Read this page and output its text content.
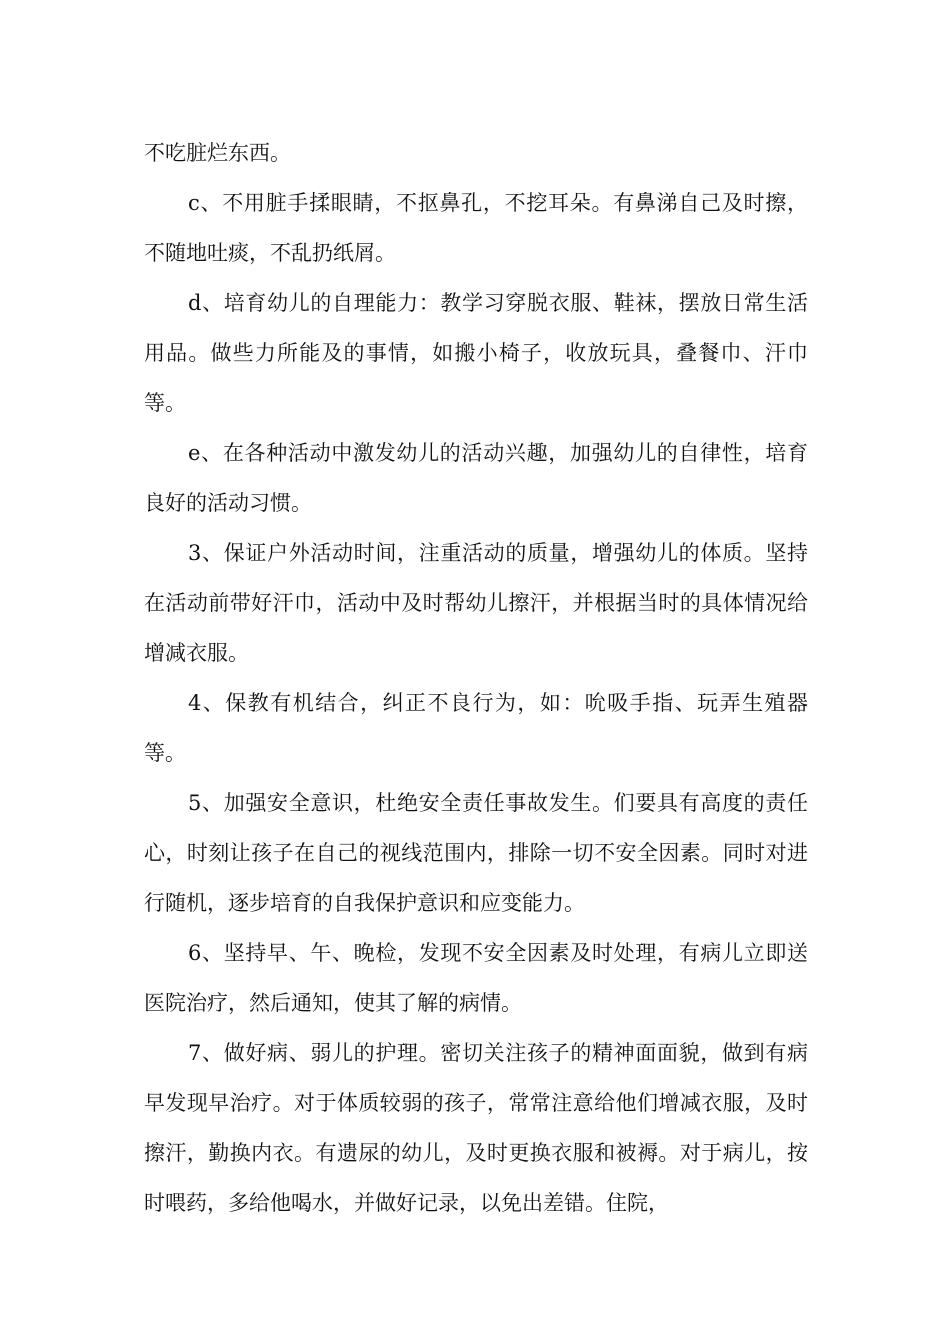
不吃脏烂东西。

c、不用脏手揉眼睛，不抠鼻孔，不挖耳朵。有鼻涕自己及时擦，不随地吐痰，不乱扔纸屑。

d、培育幼儿的自理能力：教学习穿脱衣服、鞋袜，摆放日常生活用品。做些力所能及的事情，如搬小椅子，收放玩具，叠餐巾、汗巾等。

e、在各种活动中激发幼儿的活动兴趣，加强幼儿的自律性，培育良好的活动习惯。

3、保证户外活动时间，注重活动的质量，增强幼儿的体质。坚持在活动前带好汗巾，活动中及时帮幼儿擦汗，并根据当时的具体情况给增减衣服。

4、保教有机结合，纠正不良行为，如：吮吸手指、玩弄生殖器等。

5、加强安全意识，杜绝安全责任事故发生。们要具有高度的责任心，时刻让孩子在自己的视线范围内，排除一切不安全因素。同时对进行随机，逐步培育的自我保护意识和应变能力。

6、坚持早、午、晚检，发现不安全因素及时处理，有病儿立即送医院治疗，然后通知，使其了解的病情。

7、做好病、弱儿的护理。密切关注孩子的精神面面貌，做到有病早发现早治疗。对于体质较弱的孩子，常常注意给他们增减衣服，及时擦汗，勤换内衣。有遗尿的幼儿，及时更换衣服和被褥。对于病儿，按时喂药，多给他喝水，并做好记录，以免出差错。住院，
